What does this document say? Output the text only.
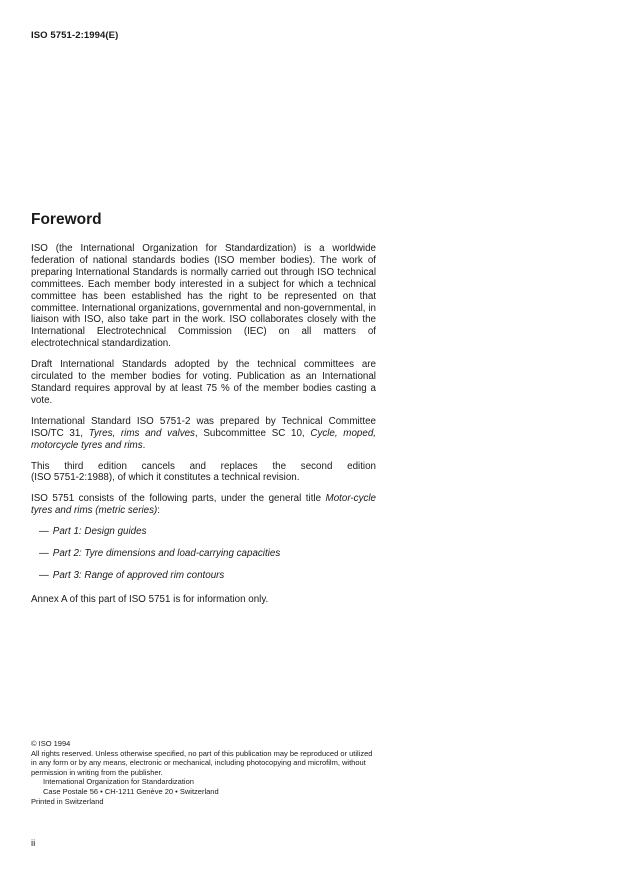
ISO 5751-2:1994(E)
Foreword

ISO (the International Organization for Standardization) is a worldwide federation of national standards bodies (ISO member bodies). The work of preparing International Standards is normally carried out through ISO technical committees. Each member body interested in a subject for which a technical committee has been established has the right to be represented on that committee. International organizations, governmental and non-governmental, in liaison with ISO, also take part in the work. ISO collaborates closely with the International Electrotechnical Commission (IEC) on all matters of electrotechnical standardization.

Draft International Standards adopted by the technical committees are circulated to the member bodies for voting. Publication as an International Standard requires approval by at least 75 % of the member bodies casting a vote.

International Standard ISO 5751-2 was prepared by Technical Committee ISO/TC 31, Tyres, rims and valves, Subcommittee SC 10, Cycle, moped, motorcycle tyres and rims.

This third edition cancels and replaces the second edition

(ISO 5751-2:1988), of which it constitutes a technical revision.

ISO 5751 consists of the following parts, under the general title Motor-cycle tyres and rims (metric series):

— Part 1: Design guides
— Part 2: Tyre dimensions and load-carrying capacities
— Part 3: Range of approved rim contours

Annex A of this part of ISO 5751 is for information only.

© ISO 1994

All rights reserved. Unless otherwise specified, no part of this publication may be reproduced or utilized in any form or by any means, electronic or mechanical, including photocopying and microfilm, without permission in writing from the publisher.

International Organization for Standardization

Case Postale 56 • CH-1211 Genève 20 • Switzerland

Printed in Switzerland

ii
